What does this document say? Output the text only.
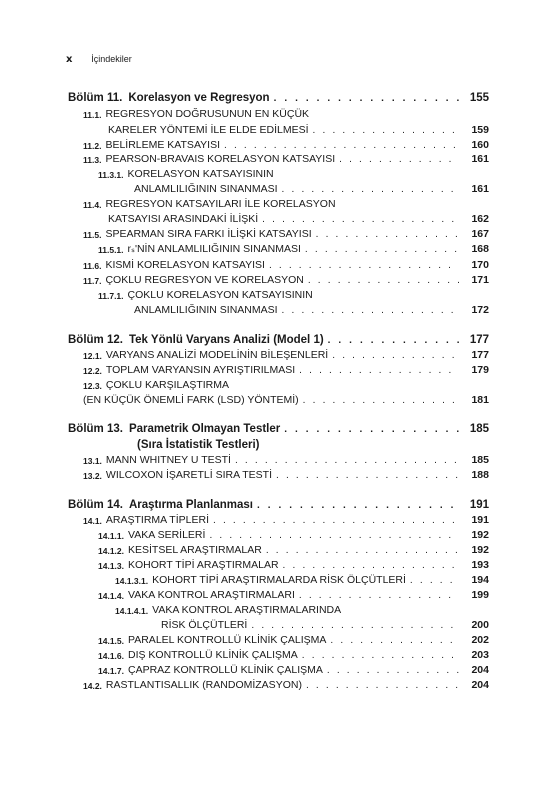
x İçindekiler
Bölüm 11. Korelasyon ve Regresyon . . .	155
11.1. REGRESYON DOĞRUSUNUN EN KÜÇÜK
KARELER YÖNTEMİ İLE ELDE EDİLMESİ . . .	159
11.2. BELİRLEME KATSAYISI . . .	160
11.3. PEARSON-BRAVAIS KORELASYON KATSAYISI . . .	161
11.3.1. KORELASYON KATSAYISININ
ANLAMLILIĞININ SINANMASI . . .	161
11.4. REGRESYON KATSAYILARI İLE KORELASYON
KATSAYISI ARASINDAKİ İLİŞKİ . . .	162
11.5. SPEARMAN SIRA FARKI İLİŞKİ KATSAYISI . . .	167
11.5.1. rₛ'NİN ANLAMLILIĞININ SINANMASI . . .	168
11.6. KISMİ KORELASYON KATSAYISI . . .	170
11.7. ÇOKLU REGRESYON VE KORELASYON . . .	171
11.7.1. ÇOKLU KORELASYON KATSAYISININ
ANLAMLILIĞININ SINANMASI . . .	172
Bölüm 12. Tek Yönlü Varyans Analizi (Model 1) . . .	177
12.1. VARYANS ANALİZİ MODELİNİN BİLEŞENLERİ . . .	177
12.2. TOPLAM VARYANSIN AYRIŞTIRILMASI . . .	179
12.3. ÇOKLU KARŞILAŞTIRMA
(EN KÜÇÜK ÖNEMLİ FARK (LSD) YÖNTEMİ) . . .	181
Bölüm 13. Parametrik Olmayan Testler . . .	185
(Sıra İstatistik Testleri)
13.1. MANN WHITNEY U TESTİ . . .	185
13.2. WILCOXON İŞARETLİ SIRA TESTİ . . .	188
Bölüm 14. Araştırma Planlanması . . .	191
14.1. ARAŞTIRMA TİPLERİ . . .	191
14.1.1. VAKA SERİLERİ . . .	192
14.1.2. KESİTSEL ARAŞTIRMALAR . . .	192
14.1.3. KOHORT TİPİ ARAŞTIRMALAR . . .	193
14.1.3.1. KOHORT TİPİ ARAŞTIRMALARDA RİSK ÖLÇÜTLERİ . . .	194
14.1.4. VAKA KONTROL ARAŞTIRMALARI . . .	199
14.1.4.1. VAKA KONTROL ARAŞTIRMALARINDA
RİSK ÖLÇÜTLERİ . . .	200
14.1.5. PARALEL KONTROLLÜ KLİNİK ÇALIŞMA . . .	202
14.1.6. DIŞ KONTROLLÜ KLİNİK ÇALIŞMA . . .	203
14.1.7. ÇAPRAZ KONTROLLÜ KLİNİK ÇALIŞMA . . .	204
14.2. RASTLANTISALLIK (RANDOMİZASYON) . . .	204
